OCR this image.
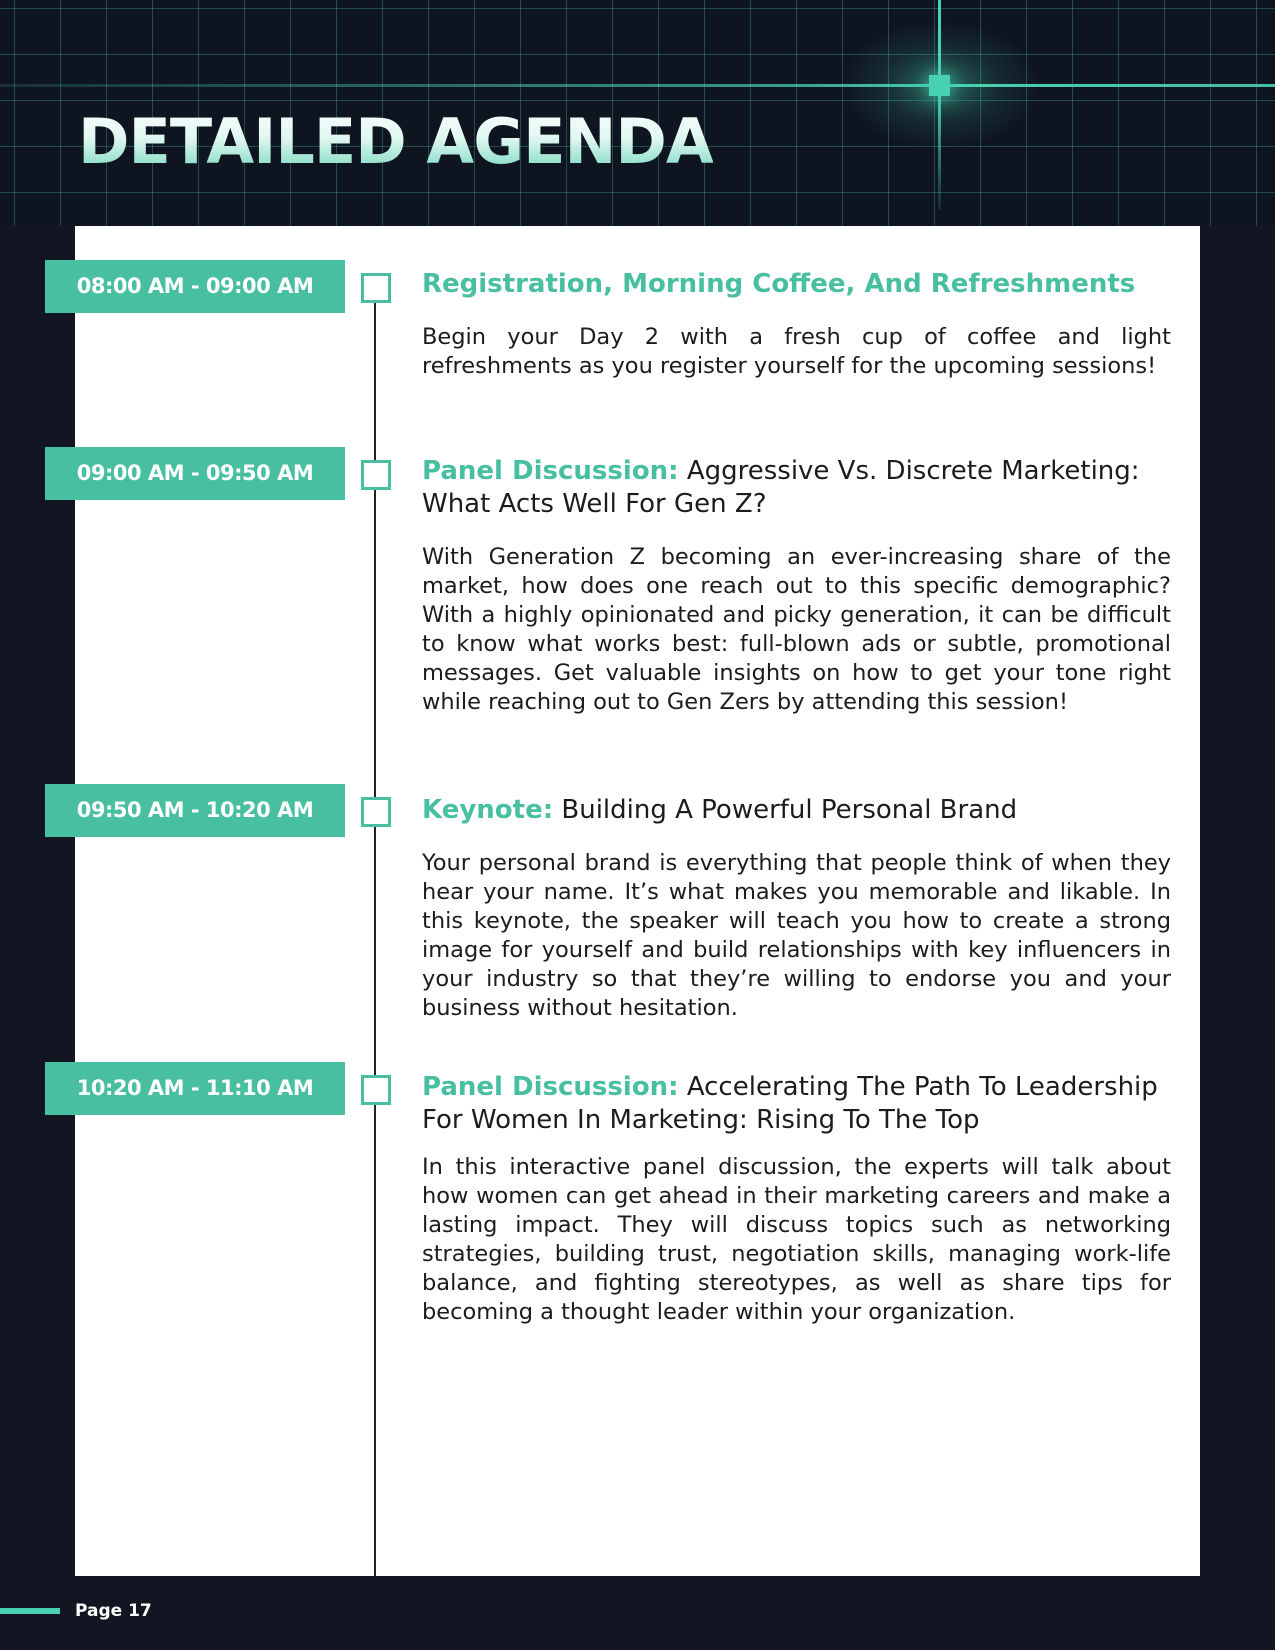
DETAILED AGENDA
08:00 AM - 09:00 AM	Registration, Morning Coffee, And Refreshments

Begin your Day 2 with a fresh cup of coffee and light refreshments as you register yourself for the upcoming sessions!

09:00 AM - 09:50 AM	Panel Discussion: Aggressive Vs. Discrete Marketing: What Acts Well For Gen Z?

With Generation Z becoming an ever-increasing share of the market, how does one reach out to this specific demographic? With a highly opinionated and picky generation, it can be difficult to know what works best: full-blown ads or subtle, promotional messages. Get valuable insights on how to get your tone right while reaching out to Gen Zers by attending this session!

09:50 AM - 10:20 AM	Keynote: Building A Powerful Personal Brand

Your personal brand is everything that people think of when they hear your name. It’s what makes you memorable and likable. In this keynote, the speaker will teach you how to create a strong image for yourself and build relationships with key influencers in your industry so that they’re willing to endorse you and your business without hesitation.

10:20 AM - 11:10 AM	Panel Discussion: Accelerating The Path To Leadership For Women In Marketing: Rising To The Top

In this interactive panel discussion, the experts will talk about how women can get ahead in their marketing careers and make a lasting impact. They will discuss topics such as networking strategies, building trust, negotiation skills, managing work-life balance, and fighting stereotypes, as well as share tips for becoming a thought leader within your organization.

Page 17
